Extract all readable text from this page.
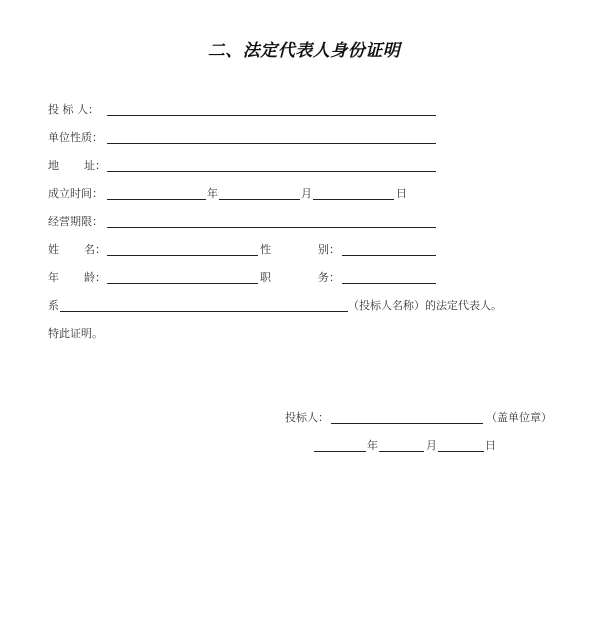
二、法定代表人身份证明
投 标 人：
单位性质：
地 址：
成立时间：	年	月	日
经营期限：
姓 名：	性	别：
年 龄：	职	务：
系	（投标人名称）的法定代表人。
特此证明。
投标人：	（盖单位章）
年	月	日
